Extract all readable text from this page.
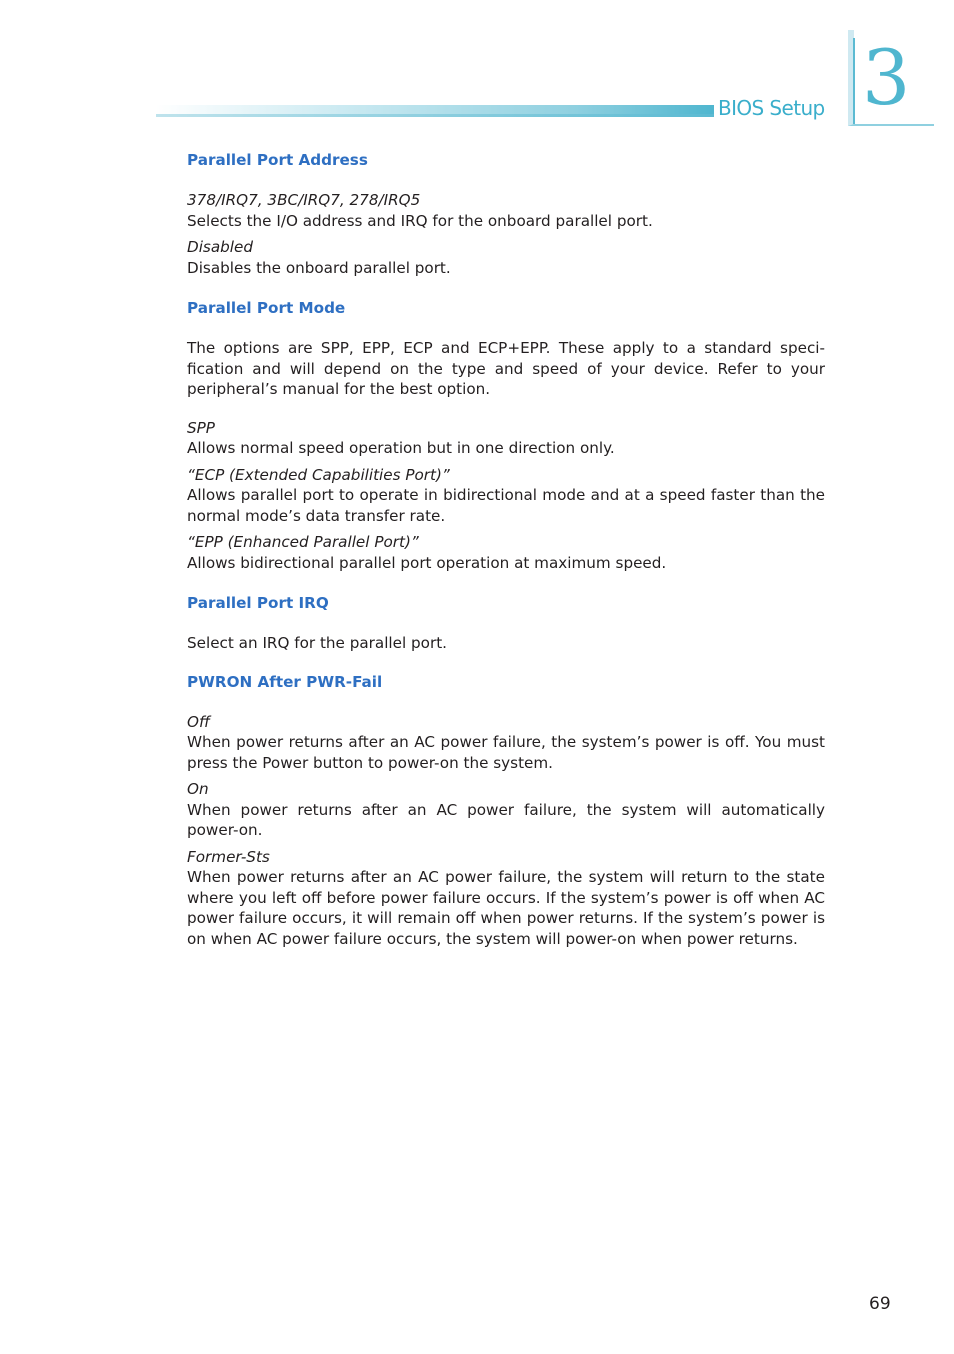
BIOS Setup 3
Parallel Port Address

378/IRQ7, 3BC/IRQ7, 278/IRQ5

Selects the I/O address and IRQ for the onboard parallel port.

Disabled

Disables the onboard parallel port.

Parallel Port Mode

The options are SPP, EPP, ECP and ECP+EPP. These apply to a standard speci-fication and will depend on the type and speed of your device. Refer to your peripheral’s manual for the best option.

SPP

Allows normal speed operation but in one direction only.

“ECP (Extended Capabilities Port)”

Allows parallel port to operate in bidirectional mode and at a speed faster than the normal mode’s data transfer rate.

“EPP (Enhanced Parallel Port)”

Allows bidirectional parallel port operation at maximum speed.

Parallel Port IRQ

Select an IRQ for the parallel port.

PWRON After PWR-Fail

Off

When power returns after an AC power failure, the system’s power is off. You must press the Power button to power-on the system.

On

When power returns after an AC power failure, the system will automatically power-on.

Former-Sts

When power returns after an AC power failure, the system will return to the state where you left off before power failure occurs. If the system’s power is off when AC power failure occurs, it will remain off when power returns. If the system’s power is on when AC power failure occurs, the system will power-on when power returns.

69
